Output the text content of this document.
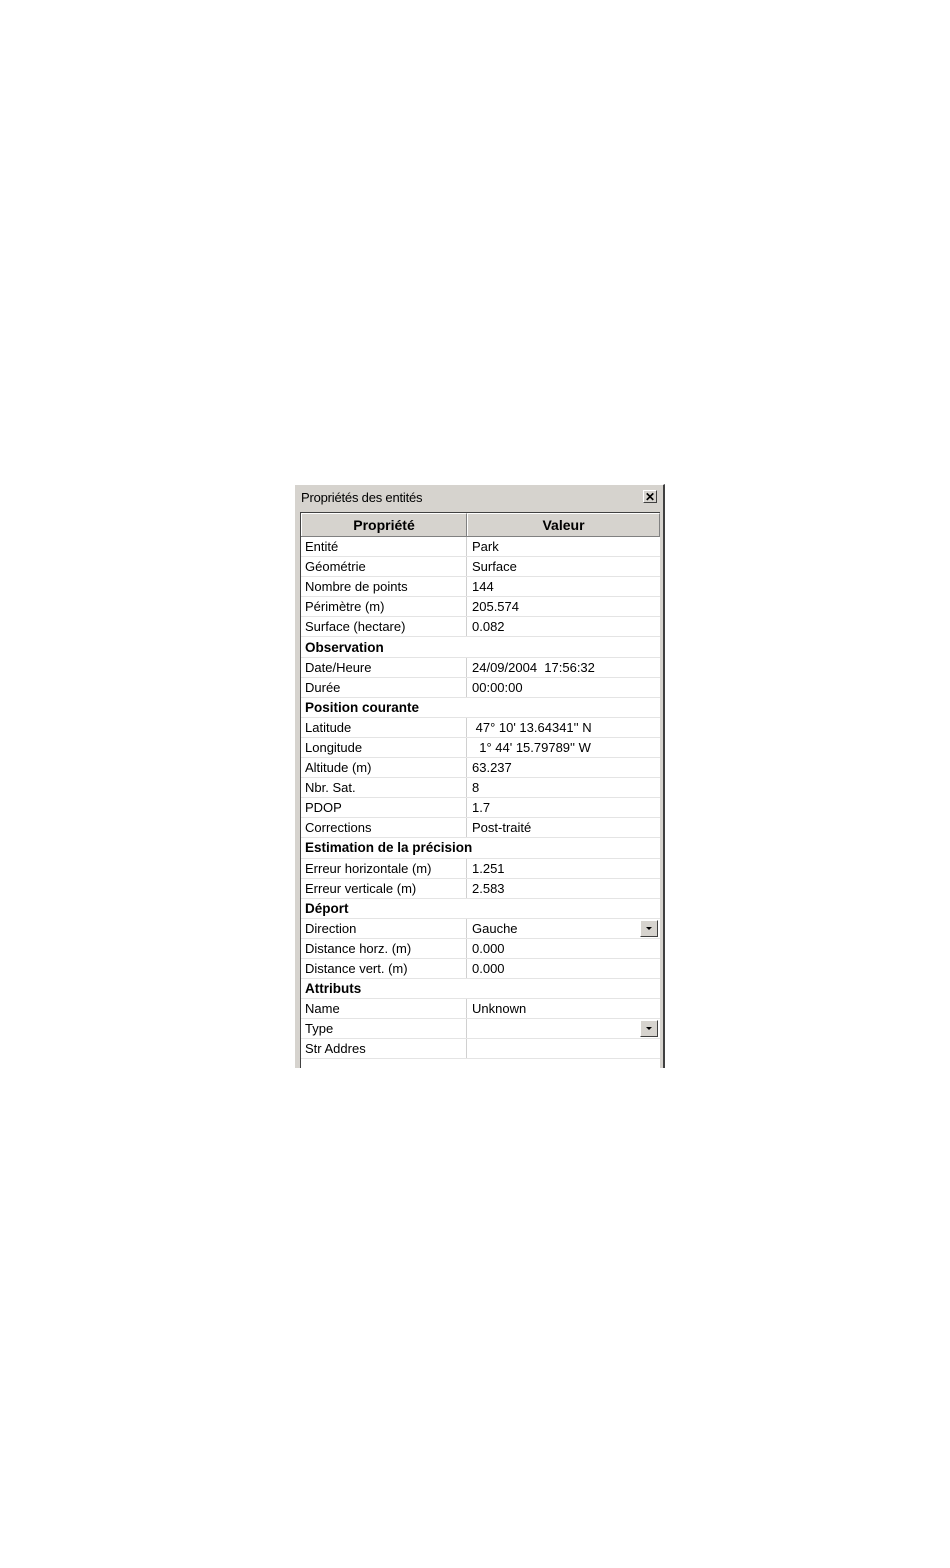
Propriétés des entités	✕
Propriété	Valeur
Entité	Park
Géométrie	Surface
Nombre de points	144
Périmètre (m)	205.574
Surface (hectare)	0.082
Observation
Date/Heure	24/09/2004  17:56:32
Durée	00:00:00
Position courante
Latitude	47° 10' 13.64341'' N
Longitude	1° 44' 15.79789'' W
Altitude (m)	63.237
Nbr. Sat.	8
PDOP	1.7
Corrections	Post-traité
Estimation de la précision
Erreur horizontale (m)	1.251
Erreur verticale (m)	2.583
Déport
Direction	Gauche
Distance horz. (m)	0.000
Distance vert. (m)	0.000
Attributs
Name	Unknown
Type
Str Addres
